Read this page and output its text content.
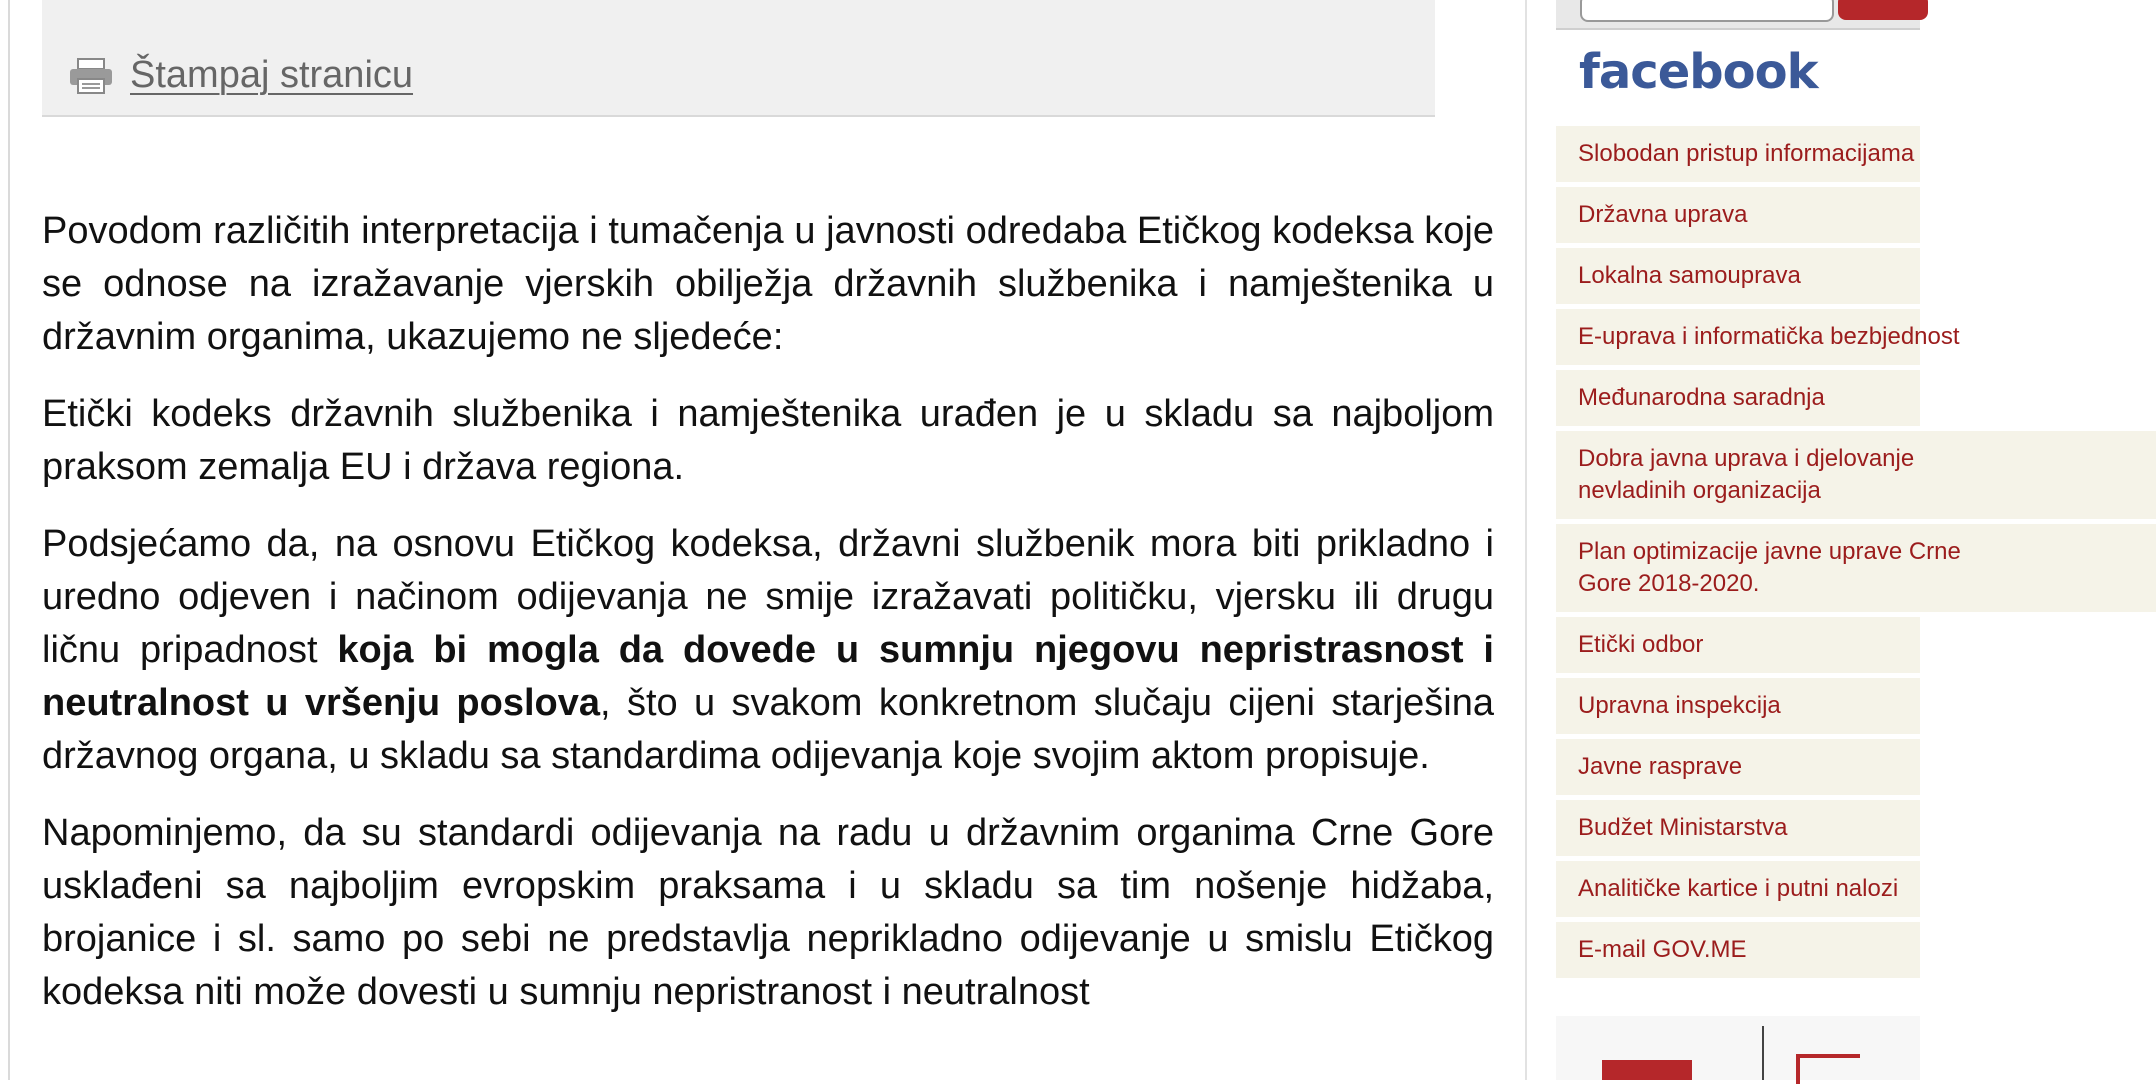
Štampaj stranicu

Povodom različitih interpretacija i tumačenja u javnosti odredaba Etičkog kodeksa koje se odnose na izražavanje vjerskih obilježja državnih službenika i namještenika u državnim organima, ukazujemo ne sljedeće:

Etički kodeks državnih službenika i namještenika urađen je u skladu sa najboljom praksom zemalja EU i država regiona.

Podsjećamo da, na osnovu Etičkog kodeksa, državni službenik mora biti prikladno i uredno odjeven i načinom odijevanja ne smije izražavati političku, vjersku ili drugu ličnu pripadnost koja bi mogla da dovede u sumnju njegovu nepristrasnost i neutralnost u vršenju poslova, što u svakom konkretnom slučaju cijeni starješina državnog organa, u skladu sa standardima odijevanja koje svojim aktom propisuje.

Napominjemo, da su standardi odijevanja na radu u državnim organima Crne Gore usklađeni sa najboljim evropskim praksama i u skladu sa tim nošenje hidžaba, brojanice i sl. samo po sebi ne predstavlja neprikladno odijevanje u smislu Etičkog kodeksa niti može dovesti u sumnju nepristranost i neutralnost

facebook
Slobodan pristup informacijama
Državna uprava
Lokalna samouprava
E-uprava i informatička bezbjednost
Međunarodna saradnja
Dobra javna uprava i djelovanje
nevladinih organizacija
Plan optimizacije javne uprave Crne
Gore 2018-2020.
Etički odbor
Upravna inspekcija
Javne rasprave
Budžet Ministarstva
Analitičke kartice i putni nalozi
E-mail GOV.ME
